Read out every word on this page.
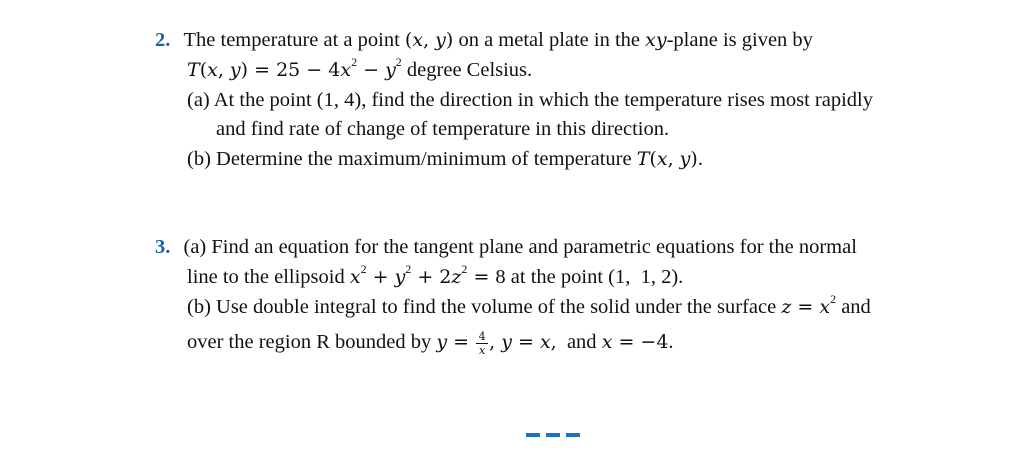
2. The temperature at a point (x, y) on a metal plate in the xy-plane is given by
T(x, $y) = 25 - 4x^2 - y^2$ degree Celsius.
(a) At the point (1, 4), find the direction in which the temperature rises most rapidly
and find rate of change of temperature in this direction.
(b) Determine the maximum/minimum of temperature T(x, y).
3. (a) Find an equation for the tangent plane and parametric equations for the normal
line to the ellipsoid $x^2 + y^2 + 2z^2 = 8$ at the point (1,  1, 2).
(b) Use double integral to find the volume of the solid under the surface $z = x^2$ and
over the region R bounded by $y = \frac{4}{x}$ , y = x,  and x = −4.
